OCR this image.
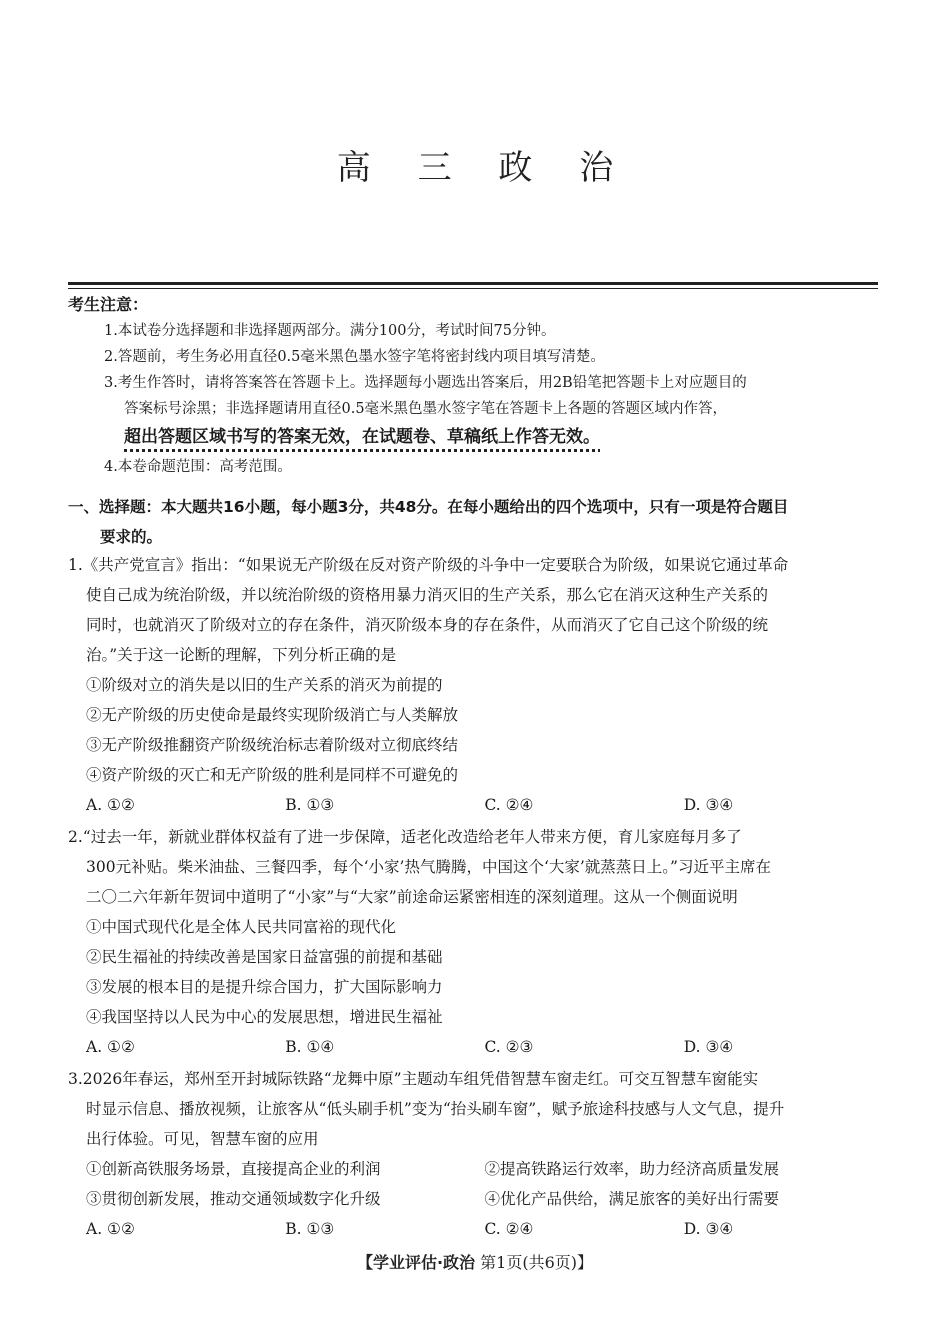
高 三 政 治
考生注意：
1.本试卷分选择题和非选择题两部分。满分100分，考试时间75分钟。
2.答题前，考生务必用直径0.5毫米黑色墨水签字笔将密封线内项目填写清楚。
3.考生作答时，请将答案答在答题卡上。选择题每小题选出答案后，用2B铅笔把答题卡上对应题目的
答案标号涂黑；非选择题请用直径0.5毫米黑色墨水签字笔在答题卡上各题的答题区域内作答，
超出答题区域书写的答案无效，在试题卷、草稿纸上作答无效。
4.本卷命题范围：高考范围。
一、选择题：本大题共16小题，每小题3分，共48分。在每小题给出的四个选项中，只有一项是符合题目
要求的。
1.《共产党宣言》指出：“如果说无产阶级在反对资产阶级的斗争中一定要联合为阶级，如果说它通过革命
使自己成为统治阶级，并以统治阶级的资格用暴力消灭旧的生产关系，那么它在消灭这种生产关系的
同时，也就消灭了阶级对立的存在条件，消灭阶级本身的存在条件，从而消灭了它自己这个阶级的统
治。”关于这一论断的理解，下列分析正确的是
①阶级对立的消失是以旧的生产关系的消灭为前提的
②无产阶级的历史使命是最终实现阶级消亡与人类解放
③无产阶级推翻资产阶级统治标志着阶级对立彻底终结
④资产阶级的灭亡和无产阶级的胜利是同样不可避免的
A. ①②	B. ①③	C. ②④	D. ③④
2.“过去一年，新就业群体权益有了进一步保障，适老化改造给老年人带来方便，育儿家庭每月多了
300元补贴。柴米油盐、三餐四季，每个‘小家’热气腾腾，中国这个‘大家’就蒸蒸日上。”习近平主席在
二〇二六年新年贺词中道明了“小家”与“大家”前途命运紧密相连的深刻道理。这从一个侧面说明
①中国式现代化是全体人民共同富裕的现代化
②民生福祉的持续改善是国家日益富强的前提和基础
③发展的根本目的是提升综合国力，扩大国际影响力
④我国坚持以人民为中心的发展思想，增进民生福祉
A. ①②	B. ①④	C. ②③	D. ③④
3.2026年春运，郑州至开封城际铁路“龙舞中原”主题动车组凭借智慧车窗走红。可交互智慧车窗能实
时显示信息、播放视频，让旅客从“低头刷手机”变为“抬头刷车窗”，赋予旅途科技感与人文气息，提升
出行体验。可见，智慧车窗的应用
①创新高铁服务场景，直接提高企业的利润	②提高铁路运行效率，助力经济高质量发展
③贯彻创新发展，推动交通领域数字化升级	④优化产品供给，满足旅客的美好出行需要
A. ①②	B. ①③	C. ②④	D. ③④
【学业评估·政治 第1页(共6页)】
